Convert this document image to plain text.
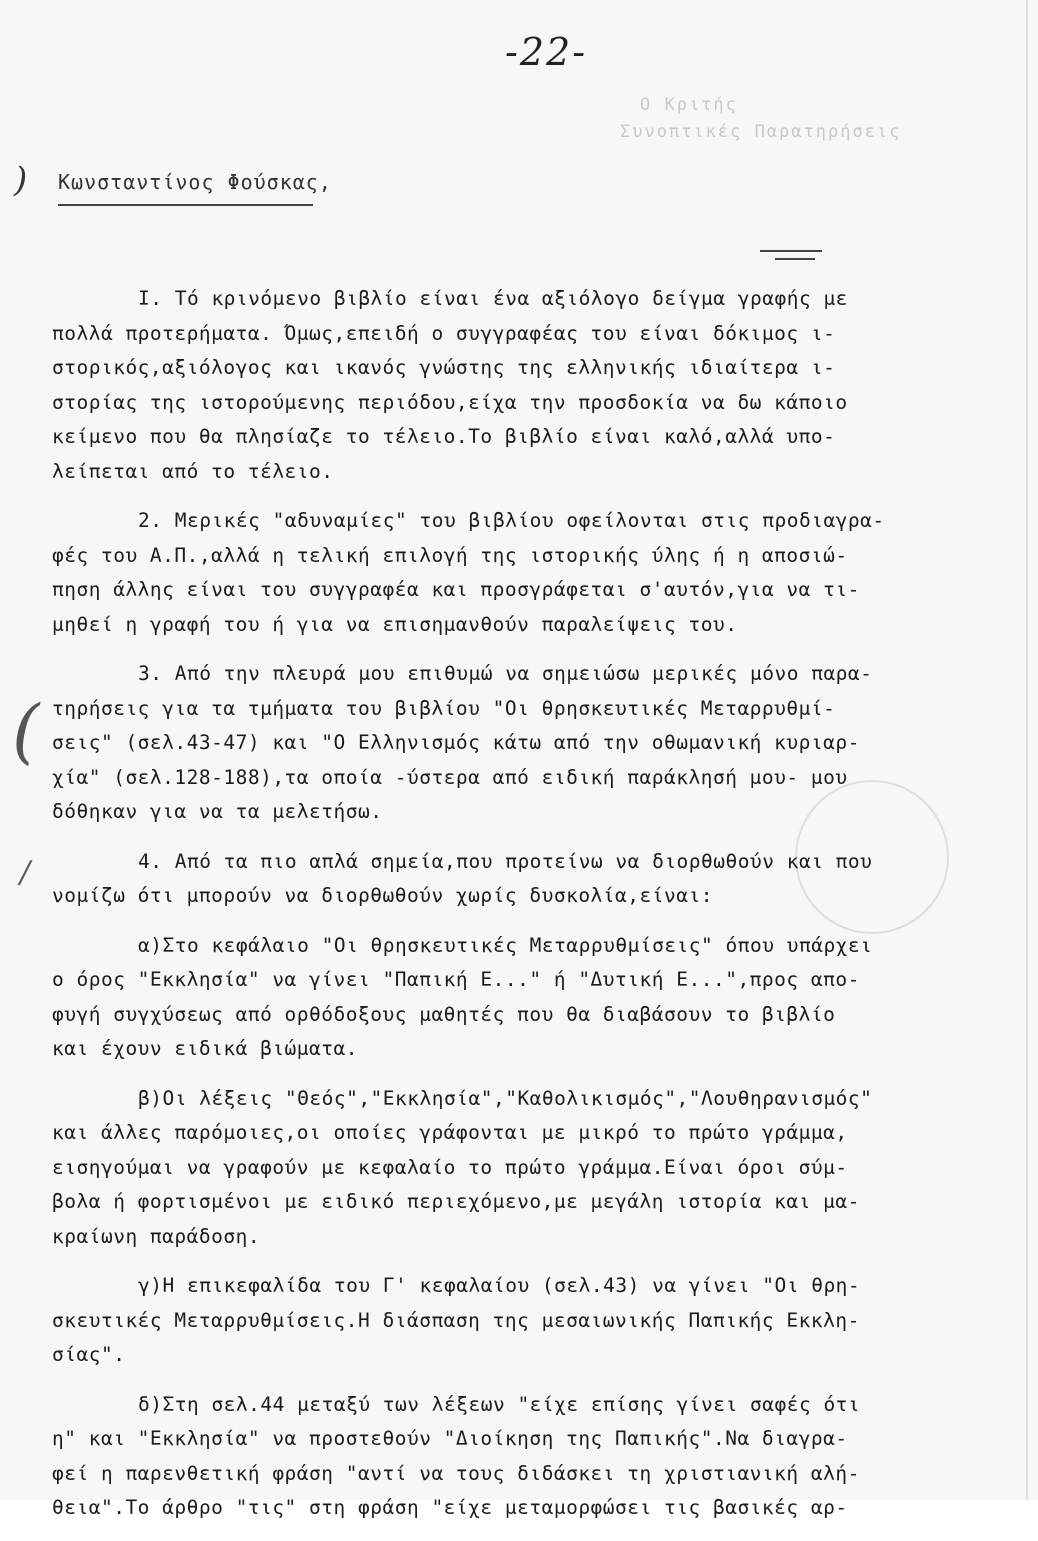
-22-
Ο Κριτής
Συνοπτικές Παρατηρήσεις
)
(
/
Κωνσταντίνος Φούσκας,
Ι. Τό κρινόμενο βιβλίο είναι ένα αξιόλογο δείγμα γραφής με
πολλά προτερήματα. Όμως,επειδή ο συγγραφέας του είναι δόκιμος ι-
στορικός,αξιόλογος και ικανός γνώστης της ελληνικής ιδιαίτερα ι-
στορίας της ιστορούμενης περιόδου,είχα την προσδοκία να δω κάποιο
κείμενο που θα πλησίαζε το τέλειο.Το βιβλίο είναι καλό,αλλά υπο-
λείπεται από το τέλειο.
2. Μερικές "αδυναμίες" του βιβλίου οφείλονται στις προδιαγρα-
φές του Α.Π.,αλλά η τελική επιλογή της ιστορικής ύλης ή η αποσιώ-
πηση άλλης είναι του συγγραφέα και προσγράφεται σ'αυτόν,για να τι-
μηθεί η γραφή του ή για να επισημανθούν παραλείψεις του.
3. Από την πλευρά μου επιθυμώ να σημειώσω μερικές μόνο παρα-
τηρήσεις για τα τμήματα του βιβλίου "Οι θρησκευτικές Μεταρρυθμί-
σεις" (σελ.43-47) και "Ο Ελληνισμός κάτω από την οθωμανική κυριαρ-
χία" (σελ.128-188),τα οποία -ύστερα από ειδική παράκλησή μου- μου
δόθηκαν για να τα μελετήσω.
4. Από τα πιο απλά σημεία,που προτείνω να διορθωθούν και που
νομίζω ότι μπορούν να διορθωθούν χωρίς δυσκολία,είναι:
α)Στο κεφάλαιο "Οι θρησκευτικές Μεταρρυθμίσεις" όπου υπάρχει
ο όρος "Εκκλησία" να γίνει "Παπική Ε..." ή "Δυτική Ε...",προς απο-
φυγή συγχύσεως από ορθόδοξους μαθητές που θα διαβάσουν το βιβλίο
και έχουν ειδικά βιώματα.
β)Οι λέξεις "Θεός","Εκκλησία","Καθολικισμός","Λουθηρανισμός"
και άλλες παρόμοιες,οι οποίες γράφονται με μικρό το πρώτο γράμμα,
εισηγούμαι να γραφούν με κεφαλαίο το πρώτο γράμμα.Είναι όροι σύμ-
βολα ή φορτισμένοι με ειδικό περιεχόμενο,με μεγάλη ιστορία και μα-
κραίωνη παράδοση.
γ)Η επικεφαλίδα του Γ' κεφαλαίου (σελ.43) να γίνει "Οι θρη-
σκευτικές Μεταρρυθμίσεις.Η διάσπαση της μεσαιωνικής Παπικής Εκκλη-
σίας".
δ)Στη σελ.44 μεταξύ των λέξεων "είχε επίσης γίνει σαφές ότι
η" και "Εκκλησία" να προστεθούν "Διοίκηση της Παπικής".Να διαγρα-
φεί η παρενθετική φράση "αντί να τους διδάσκει τη χριστιανική αλή-
θεια".Το άρθρο "τις" στη φράση "είχε μεταμορφώσει τις βασικές αρ-
